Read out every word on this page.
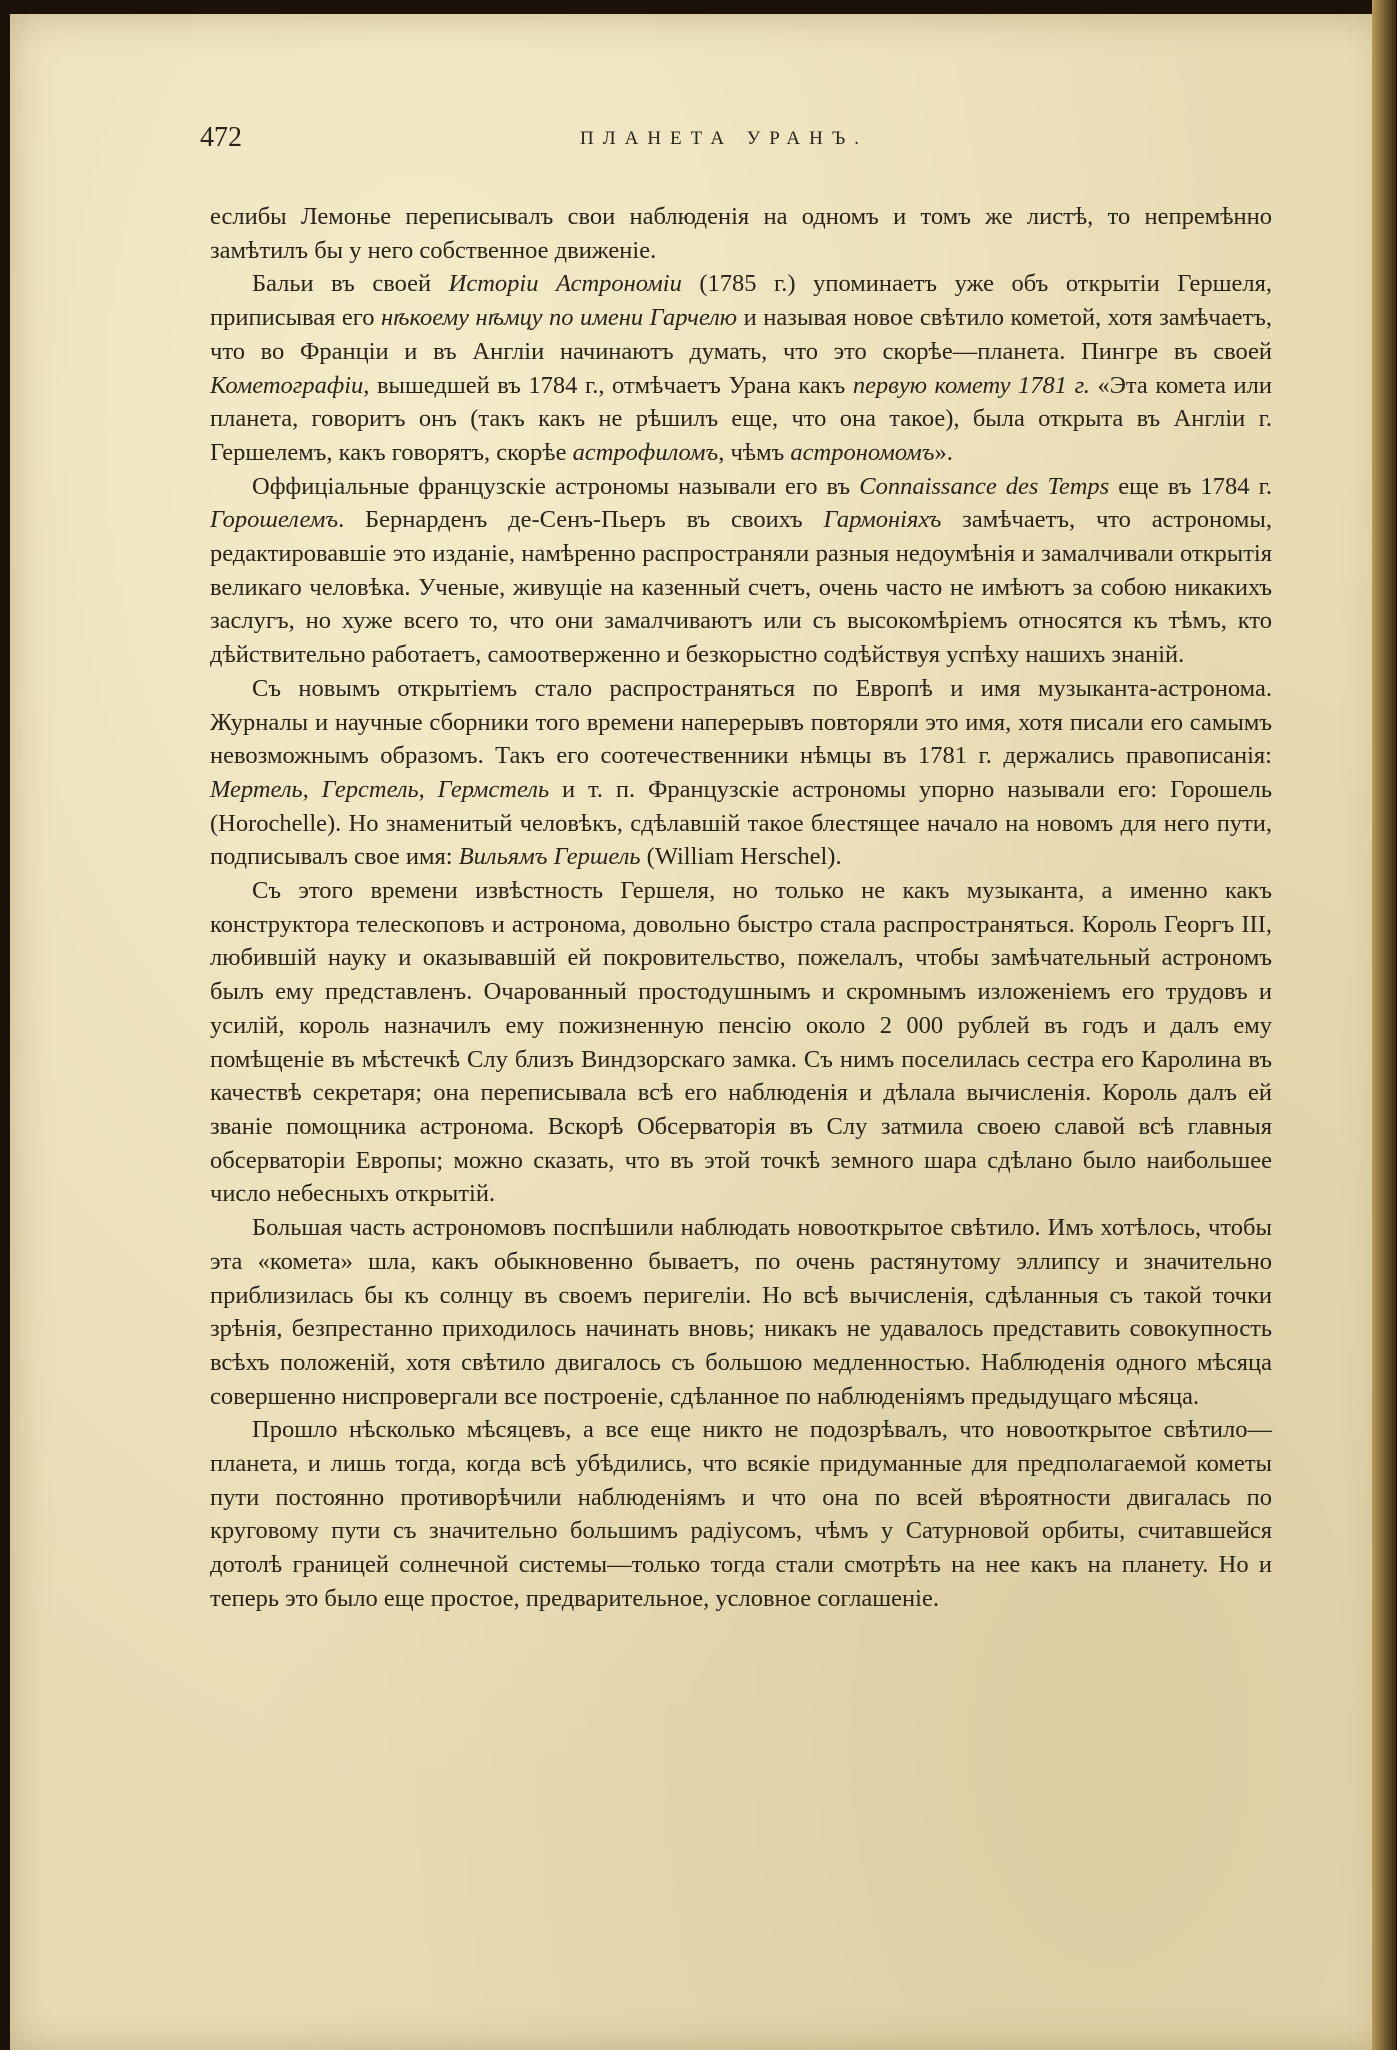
472	ПЛАНЕТА УРАНЪ.

еслибы Лемонье переписывалъ свои наблюденія на одномъ и томъ же листѣ, то непремѣнно замѣтилъ бы у него собственное движеніе.

Бальи въ своей Исторіи Астрономіи (1785 г.) упоминаетъ уже объ открытіи Гершеля, приписывая его нѣкоему нѣмцу по имени Гарчелю и называя новое свѣтило кометой, хотя замѣчаетъ, что во Франціи и въ Англіи начинаютъ думать, что это скорѣе—планета. Пингре въ своей Кометографіи, вышедшей въ 1784 г., отмѣчаетъ Урана какъ первую комету 1781 г. «Эта комета или планета, говоритъ онъ (такъ какъ не рѣшилъ еще, что она такое), была открыта въ Англіи г. Гершелемъ, какъ говорятъ, скорѣе астрофиломъ, чѣмъ астрономомъ».

Оффиціальные французскіе астрономы называли его въ Connaissance des Temps еще въ 1784 г. Горошелемъ. Бернарденъ де-Сенъ-Пьеръ въ своихъ Гармоніяхъ замѣчаетъ, что астрономы, редактировавшіе это изданіе, намѣренно распространяли разныя недоумѣнія и замалчивали открытія великаго человѣка. Ученые, живущіе на казенный счетъ, очень часто не имѣютъ за собою никакихъ заслугъ, но хуже всего то, что они замалчиваютъ или съ высокомѣріемъ относятся къ тѣмъ, кто дѣйствительно работаетъ, самоотверженно и безкорыстно содѣйствуя успѣху нашихъ знаній.

Съ новымъ открытіемъ стало распространяться по Европѣ и имя музыканта-астронома. Журналы и научные сборники того времени наперерывъ повторяли это имя, хотя писали его самымъ невозможнымъ образомъ. Такъ его соотечественники нѣмцы въ 1781 г. держались правописанія: Мертель, Герстель, Гермстель и т. п. Французскіе астрономы упорно называли его: Горошель (Horochelle). Но знаменитый человѣкъ, сдѣлавшій такое блестящее начало на новомъ для него пути, подписывалъ свое имя: Вильямъ Гершель (William Herschel).

Съ этого времени извѣстность Гершеля, но только не какъ музыканта, а именно какъ конструктора телескоповъ и астронома, довольно быстро стала распространяться. Король Георгъ III, любившій науку и оказывавшій ей покровительство, пожелалъ, чтобы замѣчательный астрономъ былъ ему представленъ. Очарованный простодушнымъ и скромнымъ изложеніемъ его трудовъ и усилій, король назначилъ ему пожизненную пенсію около 2 000 рублей въ годъ и далъ ему помѣщеніе въ мѣстечкѣ Слу близъ Виндзорскаго замка. Съ нимъ поселилась сестра его Каролина въ качествѣ секретаря; она переписывала всѣ его наблюденія и дѣлала вычисленія. Король далъ ей званіе помощника астронома. Вскорѣ Обсерваторія въ Слу затмила своею славой всѣ главныя обсерваторіи Европы; можно сказать, что въ этой точкѣ земного шара сдѣлано было наибольшее число небесныхъ открытій.

Большая часть астрономовъ поспѣшили наблюдать новооткрытое свѣтило. Имъ хотѣлось, чтобы эта «комета» шла, какъ обыкновенно бываетъ, по очень растянутому эллипсу и значительно приблизилась бы къ солнцу въ своемъ перигеліи. Но всѣ вычисленія, сдѣланныя съ такой точки зрѣнія, безпрестанно приходилось начинать вновь; никакъ не удавалось представить совокупность всѣхъ положеній, хотя свѣтило двигалось съ большою медленностью. Наблюденія одного мѣсяца совершенно ниспровергали все построеніе, сдѣланное по наблюденіямъ предыдущаго мѣсяца.

Прошло нѣсколько мѣсяцевъ, а все еще никто не подозрѣвалъ, что новооткрытое свѣтило—планета, и лишь тогда, когда всѣ убѣдились, что всякіе придуманные для предполагаемой кометы пути постоянно противорѣчили наблюденіямъ и что она по всей вѣроятности двигалась по круговому пути съ значительно большимъ радіусомъ, чѣмъ у Сатурновой орбиты, считавшейся дотолѣ границей солнечной системы—только тогда стали смотрѣть на нее какъ на планету. Но и теперь это было еще простое, предварительное, условное соглашеніе.
